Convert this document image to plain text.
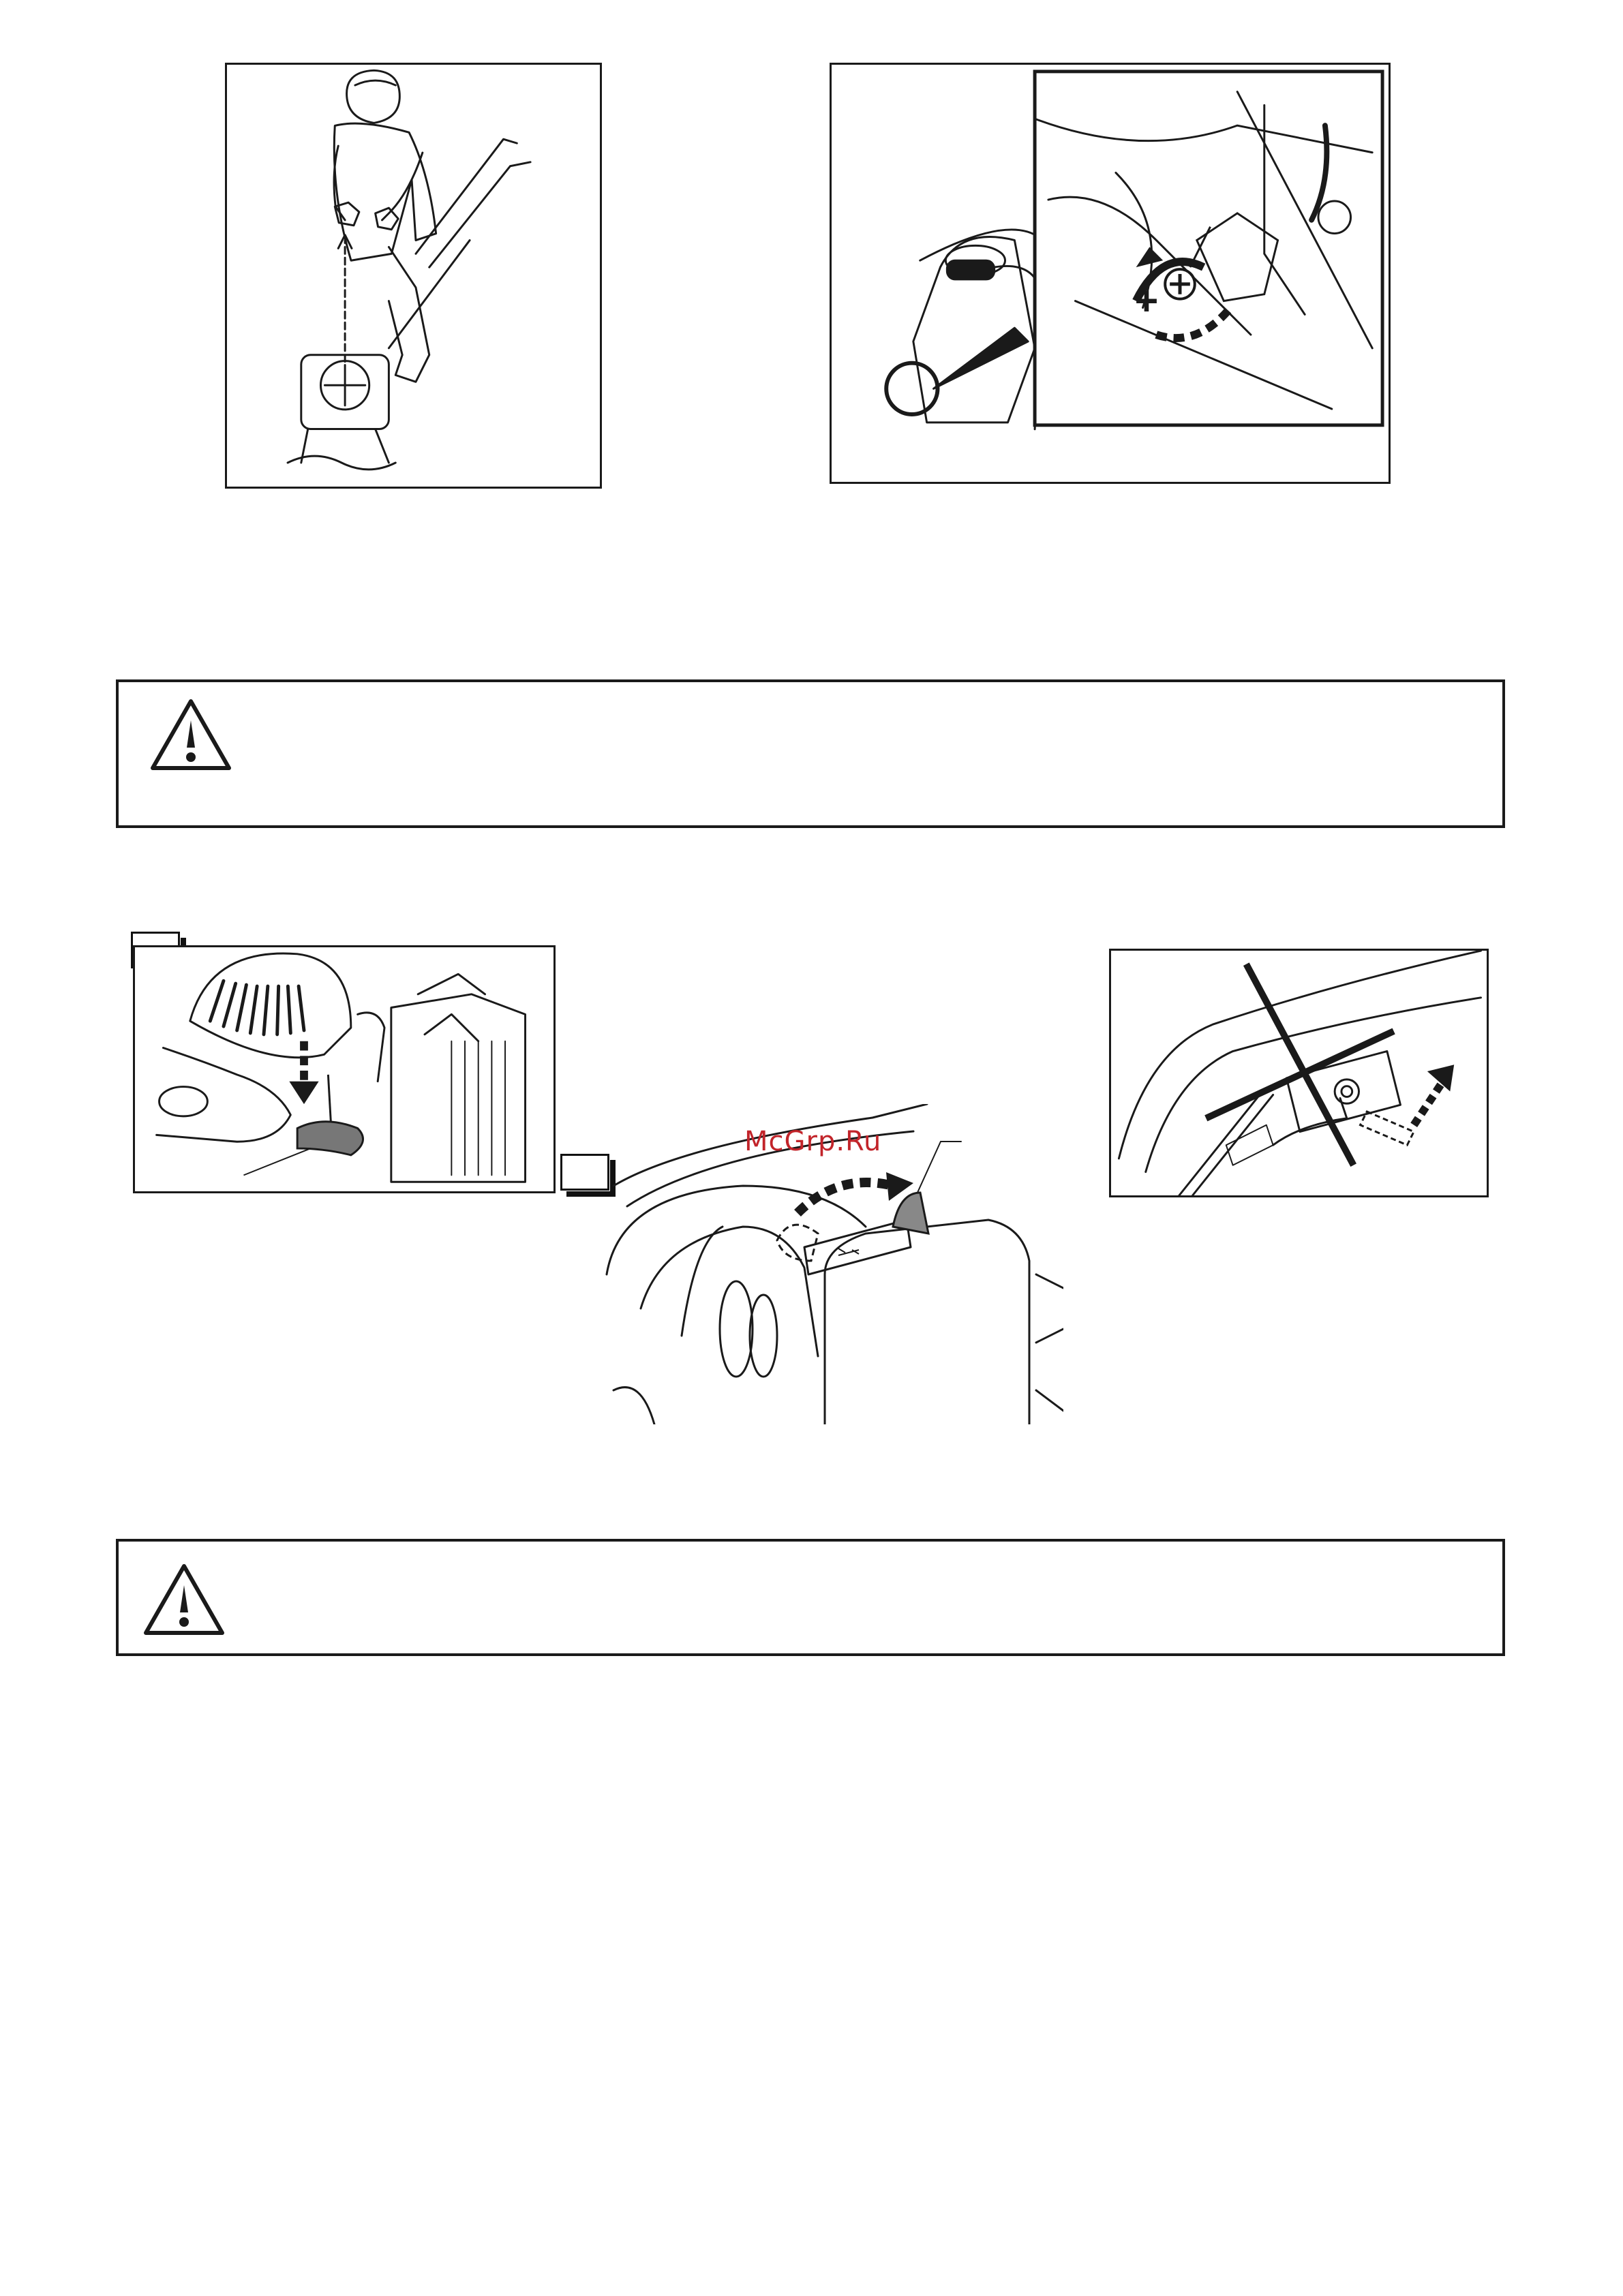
+
McGrp.Ru
